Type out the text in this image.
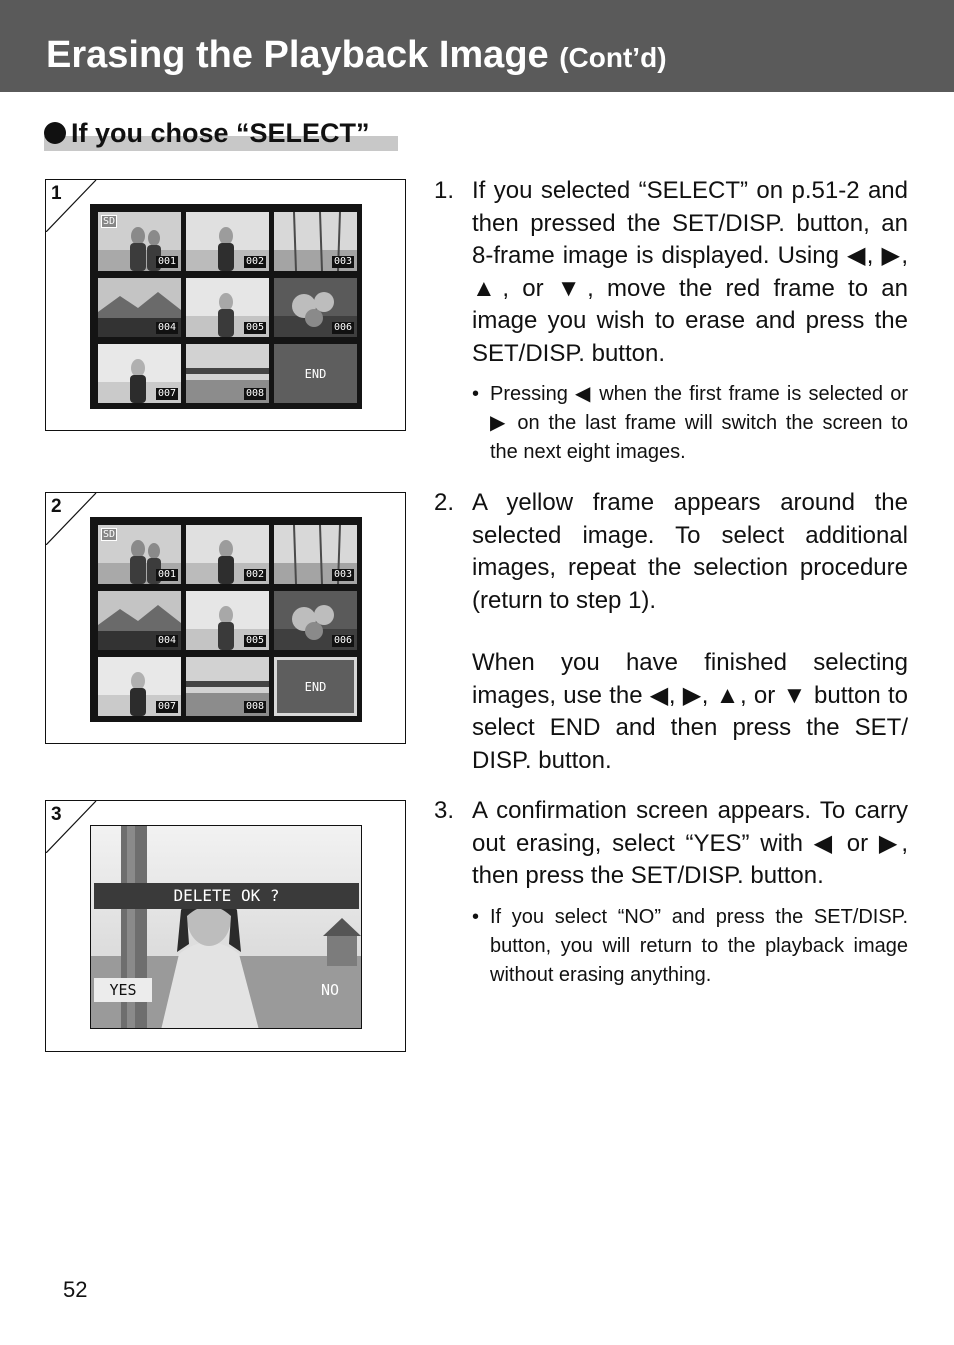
Erasing the Playback Image (Cont’d)
If you chose “SELECT”
1
SD
001	002	003
004	005	006
007	008
END
2
SD
001	002	003
004	005	006
007	008
END
3
DELETE OK ?
YES	NO
1. If you selected “SELECT” on p.51-2 and then pressed the SET/DISP. button, an 8-frame image is displayed. Using ◀, ▶, ▲, or ▼, move the red frame to an image you wish to erase and press the SET/DISP. button.
• Pressing ◀ when the first frame is selected or ▶ on the last frame will switch the screen to the next eight images.
2. A yellow frame appears around the selected image. To select additional images, repeat the selection procedure (return to step 1).
When you have finished selecting images, use the ◀, ▶, ▲, or ▼ button to select END and then press the SET/ DISP. button.
3. A confirmation screen appears. To carry out erasing, select “YES” with ◀ or ▶, then press the SET/DISP. button.
• If you select “NO” and press the SET/DISP. button, you will return to the playback image without erasing anything.
52
